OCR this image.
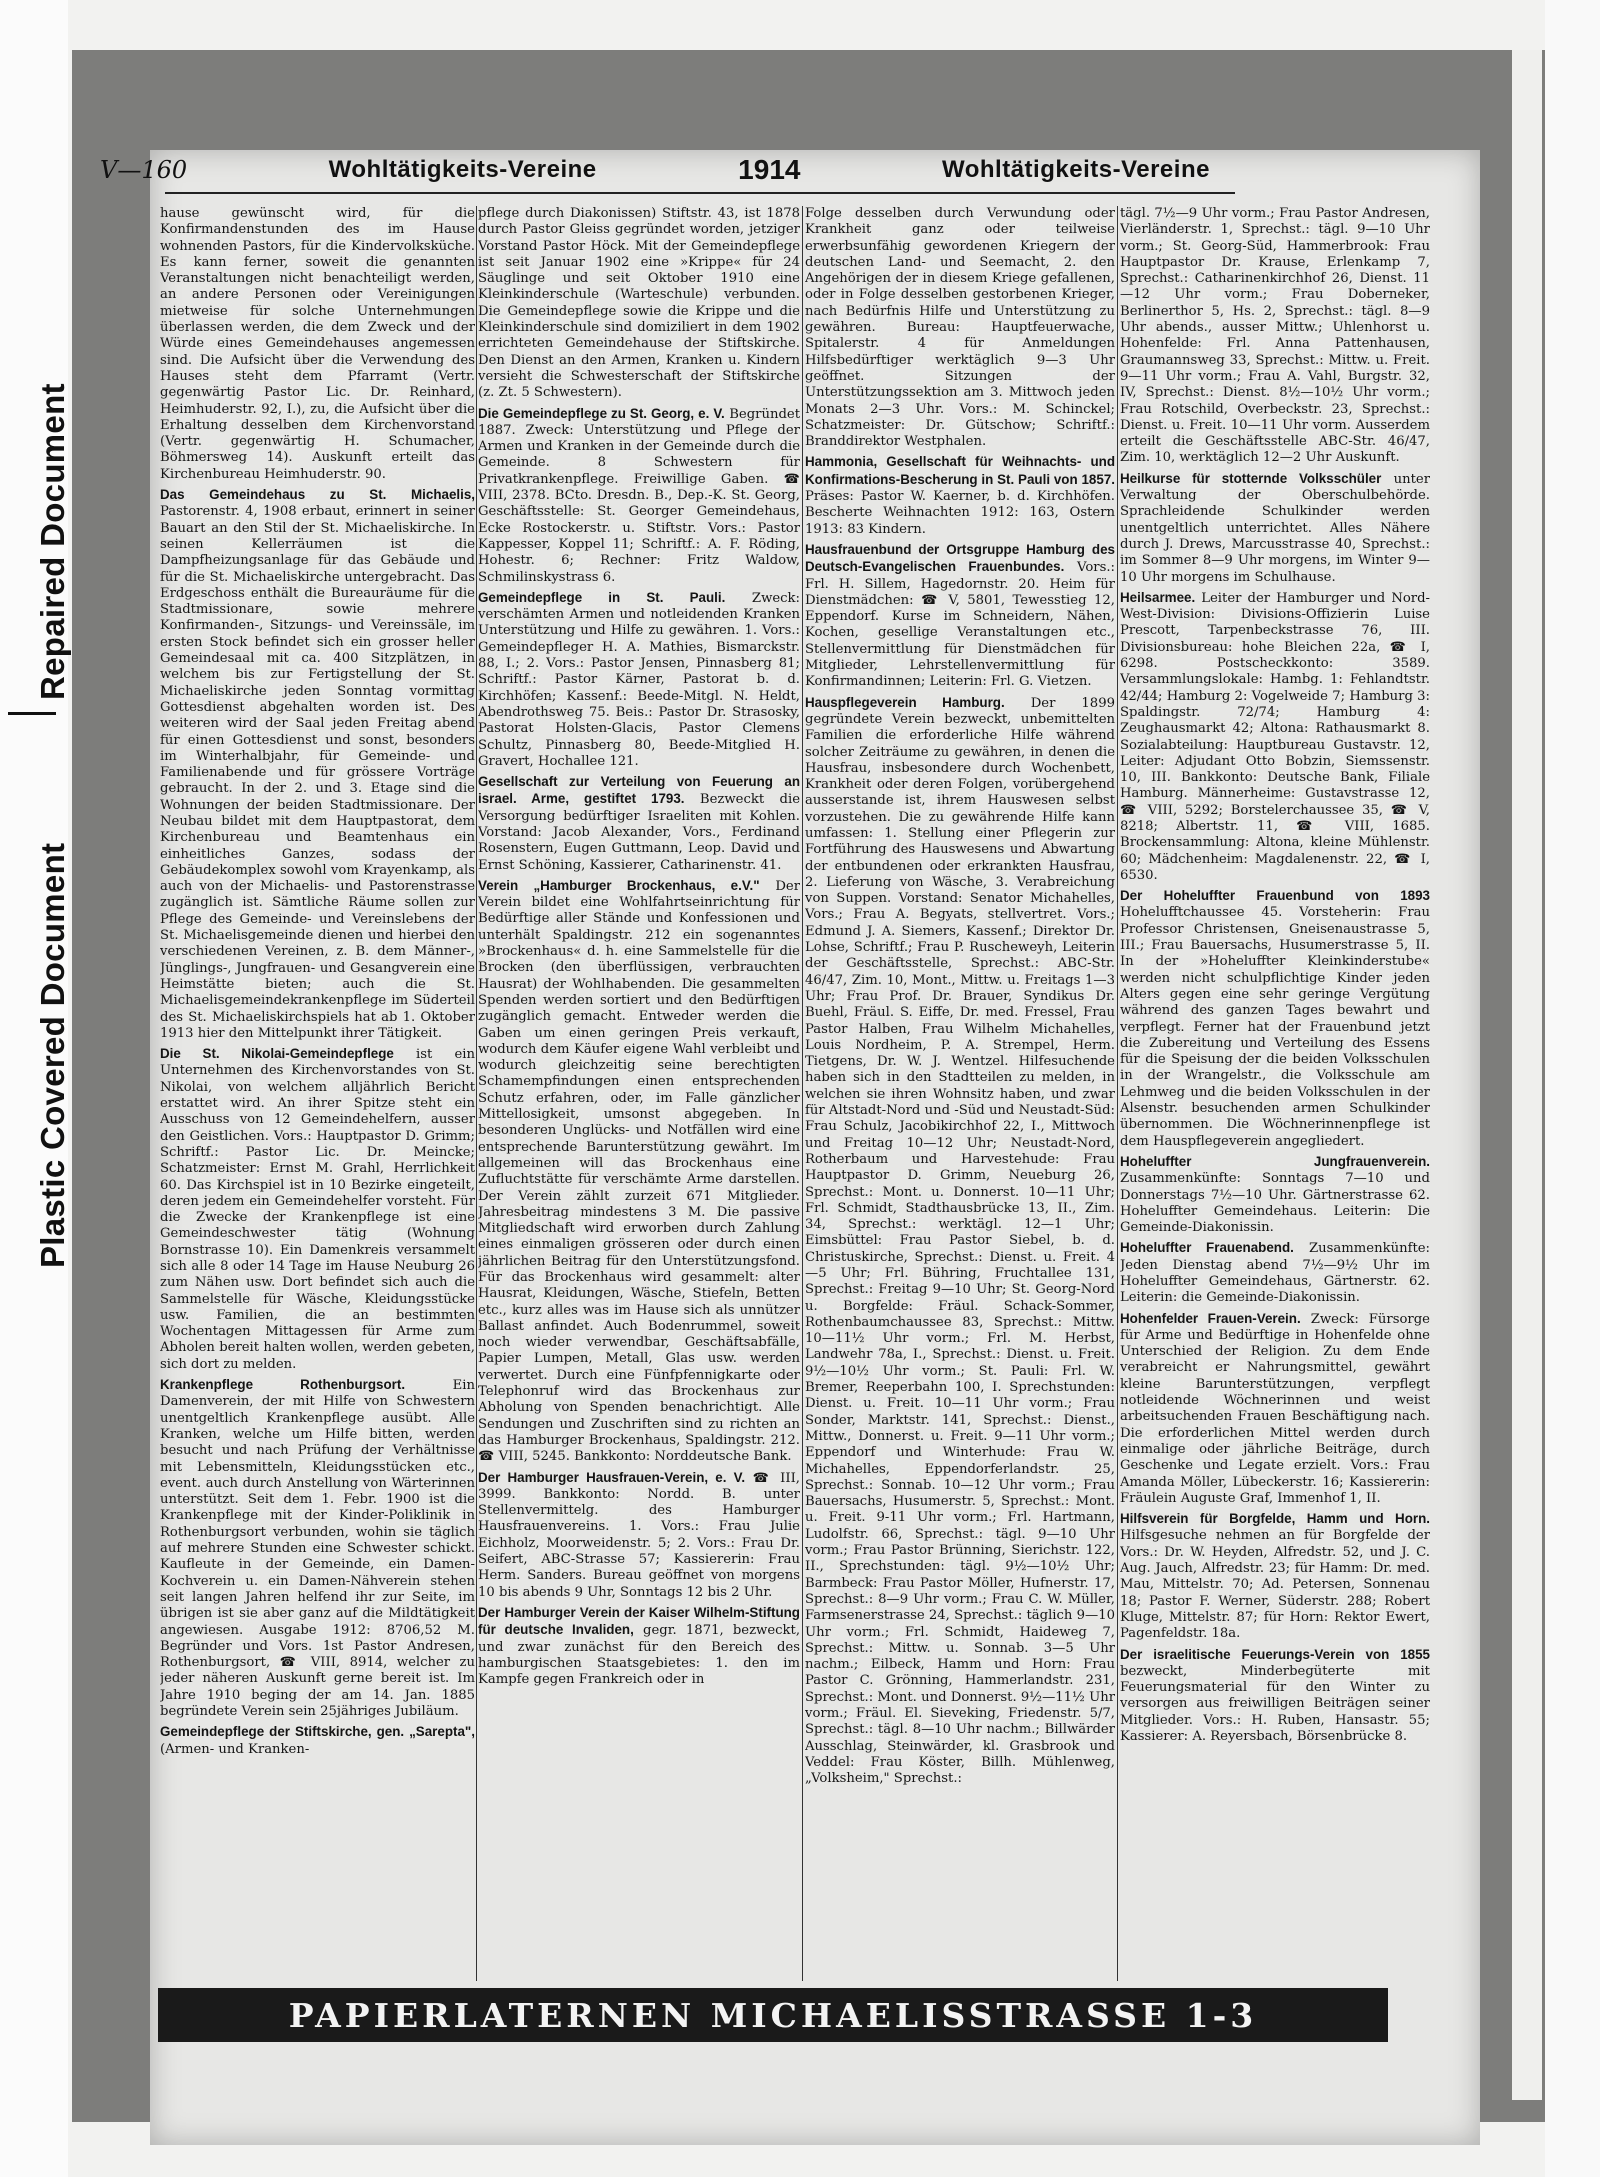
Repaired Document
Plastic Covered Document
V—160	Wohltätigkeits-Vereine	1914	Wohltätigkeits-Vereine

hause gewünscht wird, für die Konfirmandenstunden des im Hause wohnenden Pastors, für die Kindervolksküche. Es kann ferner, soweit die genannten Veranstaltungen nicht benachteiligt werden, an andere Personen oder Vereinigungen mietweise für solche Unternehmungen überlassen werden, die dem Zweck und der Würde eines Gemeindehauses angemessen sind. Die Aufsicht über die Verwendung des Hauses steht dem Pfarramt (Vertr. gegenwärtig Pastor Lic. Dr. Reinhard, Heimhuderstr. 92, I.), zu, die Aufsicht über die Erhaltung desselben dem Kirchenvorstand (Vertr. gegenwärtig H. Schumacher, Böhmersweg 14). Auskunft erteilt das Kirchenbureau Heimhuderstr. 90.

Das Gemeindehaus zu St. Michaelis, Pastorenstr. 4, 1908 erbaut, erinnert in seiner Bauart an den Stil der St. Michaeliskirche. In seinen Kellerräumen ist die Dampfheizungsanlage für das Gebäude und für die St. Michaeliskirche untergebracht. Das Erdgeschoss enthält die Bureauräume für die Stadtmissionare, sowie mehrere Konfirmanden-, Sitzungs- und Vereinssäle, im ersten Stock befindet sich ein grosser heller Gemeindesaal mit ca. 400 Sitzplätzen, in welchem bis zur Fertigstellung der St. Michaeliskirche jeden Sonntag vormittag Gottesdienst abgehalten worden ist. Des weiteren wird der Saal jeden Freitag abend für einen Gottesdienst und sonst, besonders im Winterhalbjahr, für Gemeinde- und Familienabende und für grössere Vorträge gebraucht. In der 2. und 3. Etage sind die Wohnungen der beiden Stadtmissionare. Der Neubau bildet mit dem Hauptpastorat, dem Kirchenbureau und Beamtenhaus ein einheitliches Ganzes, sodass der Gebäudekomplex sowohl vom Krayenkamp, als auch von der Michaelis- und Pastorenstrasse zugänglich ist. Sämtliche Räume sollen zur Pflege des Gemeinde- und Vereinslebens der St. Michaelisgemeinde dienen und hierbei den verschiedenen Vereinen, z. B. dem Männer-, Jünglings-, Jungfrauen- und Gesangverein eine Heimstätte bieten; auch die St. Michaelisgemeindekrankenpflege im Süderteil des St. Michaeliskirchspiels hat ab 1. Oktober 1913 hier den Mittelpunkt ihrer Tätigkeit.

Die St. Nikolai-Gemeindepflege ist ein Unternehmen des Kirchenvorstandes von St. Nikolai, von welchem alljährlich Bericht erstattet wird. An ihrer Spitze steht ein Ausschuss von 12 Gemeindehelfern, ausser den Geistlichen. Vors.: Hauptpastor D. Grimm; Schriftf.: Pastor Lic. Dr. Meincke; Schatzmeister: Ernst M. Grahl, Herrlichkeit 60. Das Kirchspiel ist in 10 Bezirke eingeteilt, deren jedem ein Gemeindehelfer vorsteht. Für die Zwecke der Krankenpflege ist eine Gemeindeschwester tätig (Wohnung Bornstrasse 10). Ein Damenkreis versammelt sich alle 8 oder 14 Tage im Hause Neuburg 26 zum Nähen usw. Dort befindet sich auch die Sammelstelle für Wäsche, Kleidungsstücke usw. Familien, die an bestimmten Wochentagen Mittagessen für Arme zum Abholen bereit halten wollen, werden gebeten, sich dort zu melden.

Krankenpflege Rothenburgsort. Ein Damenverein, der mit Hilfe von Schwestern unentgeltlich Krankenpflege ausübt. Alle Kranken, welche um Hilfe bitten, werden besucht und nach Prüfung der Verhältnisse mit Lebensmitteln, Kleidungsstücken etc., event. auch durch Anstellung von Wärterinnen unterstützt. Seit dem 1. Febr. 1900 ist die Krankenpflege mit der Kinder-Poliklinik in Rothenburgsort verbunden, wohin sie täglich auf mehrere Stunden eine Schwester schickt. Kaufleute in der Gemeinde, ein Damen-Kochverein u. ein Damen-Nähverein stehen seit langen Jahren helfend ihr zur Seite, im übrigen ist sie aber ganz auf die Mildtätigkeit angewiesen. Ausgabe 1912: 8706,52 M. Begründer und Vors. 1st Pastor Andresen, Rothenburgsort, ☎ VIII, 8914, welcher zu jeder näheren Auskunft gerne bereit ist. Im Jahre 1910 beging der am 14. Jan. 1885 begründete Verein sein 25jähriges Jubiläum.

Gemeindepflege der Stiftskirche, gen. „Sarepta", (Armen- und Kranken-

pflege durch Diakonissen) Stiftstr. 43, ist 1878 durch Pastor Gleiss gegründet worden, jetziger Vorstand Pastor Höck. Mit der Gemeindepflege ist seit Januar 1902 eine »Krippe« für 24 Säuglinge und seit Oktober 1910 eine Kleinkinderschule (Warteschule) verbunden. Die Gemeindepflege sowie die Krippe und die Kleinkinderschule sind domiziliert in dem 1902 errichteten Gemeindehause der Stiftskirche. Den Dienst an den Armen, Kranken u. Kindern versieht die Schwesterschaft der Stiftskirche (z. Zt. 5 Schwestern).

Die Gemeindepflege zu St. Georg, e. V. Begründet 1887. Zweck: Unterstützung und Pflege der Armen und Kranken in der Gemeinde durch die Gemeinde. 8 Schwestern für Privatkrankenpflege. Freiwillige Gaben. ☎ VIII, 2378. BCto. Dresdn. B., Dep.-K. St. Georg, Geschäftsstelle: St. Georger Gemeindehaus, Ecke Rostockerstr. u. Stiftstr. Vors.: Pastor Kappesser, Koppel 11; Schriftf.: A. F. Röding, Hohestr. 6; Rechner: Fritz Waldow, Schmilinskystrass 6.

Gemeindepflege in St. Pauli. Zweck: verschämten Armen und notleidenden Kranken Unterstützung und Hilfe zu gewähren. 1. Vors.: Gemeindepfleger H. A. Mathies, Bismarckstr. 88, I.; 2. Vors.: Pastor Jensen, Pinnasberg 81; Schriftf.: Pastor Kärner, Pastorat b. d. Kirchhöfen; Kassenf.: Beede-Mitgl. N. Heldt, Abendrothsweg 75. Beis.: Pastor Dr. Strasosky, Pastorat Holsten-Glacis, Pastor Clemens Schultz, Pinnasberg 80, Beede-Mitglied H. Gravert, Hochallee 121.

Gesellschaft zur Verteilung von Feuerung an israel. Arme, gestiftet 1793. Bezweckt die Versorgung bedürftiger Israeliten mit Kohlen. Vorstand: Jacob Alexander, Vors., Ferdinand Rosenstern, Eugen Guttmann, Leop. David und Ernst Schöning, Kassierer, Catharinenstr. 41.

Verein „Hamburger Brockenhaus, e.V." Der Verein bildet eine Wohlfahrtseinrichtung für Bedürftige aller Stände und Konfessionen und unterhält Spaldingstr. 212 ein sogenanntes »Brockenhaus« d. h. eine Sammelstelle für die Brocken (den überflüssigen, verbrauchten Hausrat) der Wohlhabenden. Die gesammelten Spenden werden sortiert und den Bedürftigen zugänglich gemacht. Entweder werden die Gaben um einen geringen Preis verkauft, wodurch dem Käufer eigene Wahl verbleibt und wodurch gleichzeitig seine berechtigten Schamempfindungen einen entsprechenden Schutz erfahren, oder, im Falle gänzlicher Mittellosigkeit, umsonst abgegeben. In besonderen Unglücks- und Notfällen wird eine entsprechende Barunterstützung gewährt. Im allgemeinen will das Brockenhaus eine Zufluchtstätte für verschämte Arme darstellen. Der Verein zählt zurzeit 671 Mitglieder. Jahresbeitrag mindestens 3 M. Die passive Mitgliedschaft wird erworben durch Zahlung eines einmaligen grösseren oder durch einen jährlichen Beitrag für den Unterstützungsfond. Für das Brockenhaus wird gesammelt: alter Hausrat, Kleidungen, Wäsche, Stiefeln, Betten etc., kurz alles was im Hause sich als unnützer Ballast anfindet. Auch Bodenrummel, soweit noch wieder verwendbar, Geschäftsabfälle, Papier Lumpen, Metall, Glas usw. werden verwertet. Durch eine Fünfpfennigkarte oder Telephonruf wird das Brockenhaus zur Abholung von Spenden benachrichtigt. Alle Sendungen und Zuschriften sind zu richten an das Hamburger Brockenhaus, Spaldingstr. 212. ☎ VIII, 5245. Bankkonto: Norddeutsche Bank.

Der Hamburger Hausfrauen-Verein, e. V. ☎ III, 3999. Bankkonto: Nordd. B. unter Stellenvermittelg. des Hamburger Hausfrauenvereins. 1. Vors.: Frau Julie Eichholz, Moorweidenstr. 5; 2. Vors.: Frau Dr. Seifert, ABC-Strasse 57; Kassiererin: Frau Herm. Sanders. Bureau geöffnet von morgens 10 bis abends 9 Uhr, Sonntags 12 bis 2 Uhr.

Der Hamburger Verein der Kaiser Wilhelm-Stiftung für deutsche Invaliden, gegr. 1871, bezweckt, und zwar zunächst für den Bereich des hamburgischen Staatsgebietes: 1. den im Kampfe gegen Frankreich oder in

Folge desselben durch Verwundung oder Krankheit ganz oder teilweise erwerbsunfähig gewordenen Kriegern der deutschen Land- und Seemacht, 2. den Angehörigen der in diesem Kriege gefallenen, oder in Folge desselben gestorbenen Krieger, nach Bedürfnis Hilfe und Unterstützung zu gewähren. Bureau: Hauptfeuerwache, Spitalerstr. 4 für Anmeldungen Hilfsbedürftiger werktäglich 9—3 Uhr geöffnet. Sitzungen der Unterstützungssektion am 3. Mittwoch jeden Monats 2—3 Uhr. Vors.: M. Schinckel; Schatzmeister: Dr. Gütschow; Schriftf.: Branddirektor Westphalen.

Hammonia, Gesellschaft für Weihnachts- und Konfirmations-Bescherung in St. Pauli von 1857. Präses: Pastor W. Kaerner, b. d. Kirchhöfen. Bescherte Weihnachten 1912: 163, Ostern 1913: 83 Kindern.

Hausfrauenbund der Ortsgruppe Hamburg des Deutsch-Evangelischen Frauenbundes. Vors.: Frl. H. Sillem, Hagedornstr. 20. Heim für Dienstmädchen: ☎ V, 5801, Tewesstieg 12, Eppendorf. Kurse im Schneidern, Nähen, Kochen, gesellige Veranstaltungen etc., Stellenvermittlung für Dienstmädchen für Mitglieder, Lehrstellenvermittlung für Konfirmandinnen; Leiterin: Frl. G. Vietzen.

Hauspflegeverein Hamburg. Der 1899 gegründete Verein bezweckt, unbemittelten Familien die erforderliche Hilfe während solcher Zeiträume zu gewähren, in denen die Hausfrau, insbesondere durch Wochenbett, Krankheit oder deren Folgen, vorübergehend ausserstande ist, ihrem Hauswesen selbst vorzustehen. Die zu gewährende Hilfe kann umfassen: 1. Stellung einer Pflegerin zur Fortführung des Hauswesens und Abwartung der entbundenen oder erkrankten Hausfrau, 2. Lieferung von Wäsche, 3. Verabreichung von Suppen. Vorstand: Senator Michahelles, Vors.; Frau A. Begyats, stellvertret. Vors.; Edmund J. A. Siemers, Kassenf.; Direktor Dr. Lohse, Schriftf.; Frau P. Ruscheweyh, Leiterin der Geschäftsstelle, Sprechst.: ABC-Str. 46/47, Zim. 10, Mont., Mittw. u. Freitags 1—3 Uhr; Frau Prof. Dr. Brauer, Syndikus Dr. Buehl, Fräul. S. Eiffe, Dr. med. Fressel, Frau Pastor Halben, Frau Wilhelm Michahelles, Louis Nordheim, P. A. Strempel, Herm. Tietgens, Dr. W. J. Wentzel. Hilfesuchende haben sich in den Stadtteilen zu melden, in welchen sie ihren Wohnsitz haben, und zwar für Altstadt-Nord und -Süd und Neustadt-Süd: Frau Schulz, Jacobikirchhof 22, I., Mittwoch und Freitag 10—12 Uhr; Neustadt-Nord, Rotherbaum und Harvestehude: Frau Hauptpastor D. Grimm, Neueburg 26, Sprechst.: Mont. u. Donnerst. 10—11 Uhr; Frl. Schmidt, Stadthausbrücke 13, II., Zim. 34, Sprechst.: werktägl. 12—1 Uhr; Eimsbüttel: Frau Pastor Siebel, b. d. Christuskirche, Sprechst.: Dienst. u. Freit. 4—5 Uhr; Frl. Bühring, Fruchtallee 131, Sprechst.: Freitag 9—10 Uhr; St. Georg-Nord u. Borgfelde: Fräul. Schack-Sommer, Rothenbaumchaussee 83, Sprechst.: Mittw. 10—11½ Uhr vorm.; Frl. M. Herbst, Landwehr 78a, I., Sprechst.: Dienst. u. Freit. 9½—10½ Uhr vorm.; St. Pauli: Frl. W. Bremer, Reeperbahn 100, I. Sprechstunden: Dienst. u. Freit. 10—11 Uhr vorm.; Frau Sonder, Marktstr. 141, Sprechst.: Dienst., Mittw., Donnerst. u. Freit. 9—11 Uhr vorm.; Eppendorf und Winterhude: Frau W. Michahelles, Eppendorferlandstr. 25, Sprechst.: Sonnab. 10—12 Uhr vorm.; Frau Bauersachs, Husumerstr. 5, Sprechst.: Mont. u. Freit. 9-11 Uhr vorm.; Frl. Hartmann, Ludolfstr. 66, Sprechst.: tägl. 9—10 Uhr vorm.; Frau Pastor Brünning, Sierichstr. 122, II., Sprechstunden: tägl. 9½—10½ Uhr; Barmbeck: Frau Pastor Möller, Hufnerstr. 17, Sprechst.: 8—9 Uhr vorm.; Frau C. W. Müller, Farmsenerstrasse 24, Sprechst.: täglich 9—10 Uhr vorm.; Frl. Schmidt, Haideweg 7, Sprechst.: Mittw. u. Sonnab. 3—5 Uhr nachm.; Eilbeck, Hamm und Horn: Frau Pastor C. Grönning, Hammerlandstr. 231, Sprechst.: Mont. und Donnerst. 9½—11½ Uhr vorm.; Fräul. El. Sieveking, Friedenstr. 5/7, Sprechst.: tägl. 8—10 Uhr nachm.; Billwärder Ausschlag, Steinwärder, kl. Grasbrook und Veddel: Frau Köster, Billh. Mühlenweg, „Volksheim," Sprechst.:

tägl. 7½—9 Uhr vorm.; Frau Pastor Andresen, Vierländerstr. 1, Sprechst.: tägl. 9—10 Uhr vorm.; St. Georg-Süd, Hammerbrook: Frau Hauptpastor Dr. Krause, Erlenkamp 7, Sprechst.: Catharinenkirchhof 26, Dienst. 11—12 Uhr vorm.; Frau Doberneker, Berlinerthor 5, Hs. 2, Sprechst.: tägl. 8—9 Uhr abends., ausser Mittw.; Uhlenhorst u. Hohenfelde: Frl. Anna Pattenhausen, Graumannsweg 33, Sprechst.: Mittw. u. Freit. 9—11 Uhr vorm.; Frau A. Vahl, Burgstr. 32, IV, Sprechst.: Dienst. 8½—10½ Uhr vorm.; Frau Rotschild, Overbeckstr. 23, Sprechst.: Dienst. u. Freit. 10—11 Uhr vorm. Ausserdem erteilt die Geschäftsstelle ABC-Str. 46/47, Zim. 10, werktäglich 12—2 Uhr Auskunft.

Heilkurse für stotternde Volksschüler unter Verwaltung der Oberschulbehörde. Sprachleidende Schulkinder werden unentgeltlich unterrichtet. Alles Nähere durch J. Drews, Marcusstrasse 40, Sprechst.: im Sommer 8—9 Uhr morgens, im Winter 9—10 Uhr morgens im Schulhause.

Heilsarmee. Leiter der Hamburger und Nord-West-Division: Divisions-Offizierin Luise Prescott, Tarpenbeckstrasse 76, III. Divisionsbureau: hohe Bleichen 22a, ☎ I, 6298. Postscheckkonto: 3589. Versammlungslokale: Hambg. 1: Fehlandtstr. 42/44; Hamburg 2: Vogelweide 7; Hamburg 3: Spaldingstr. 72/74; Hamburg 4: Zeughausmarkt 42; Altona: Rathausmarkt 8. Sozialabteilung: Hauptbureau Gustavstr. 12, Leiter: Adjudant Otto Bobzin, Siemssenstr. 10, III. Bankkonto: Deutsche Bank, Filiale Hamburg. Männerheime: Gustavstrasse 12, ☎ VIII, 5292; Borstelerchaussee 35, ☎ V, 8218; Albertstr. 11, ☎ VIII, 1685. Brockensammlung: Altona, kleine Mühlenstr. 60; Mädchenheim: Magdalenenstr. 22, ☎ I, 6530.

Der Hoheluffter Frauenbund von 1893 Hohelufftchaussee 45. Vorsteherin: Frau Professor Christensen, Gneisenaustrasse 5, III.; Frau Bauersachs, Husumerstrasse 5, II. In der »Hoheluffter Kleinkinderstube« werden nicht schulpflichtige Kinder jeden Alters gegen eine sehr geringe Vergütung während des ganzen Tages bewahrt und verpflegt. Ferner hat der Frauenbund jetzt die Zubereitung und Verteilung des Essens für die Speisung der die beiden Volksschulen in der Wrangelstr., die Volksschule am Lehmweg und die beiden Volksschulen in der Alsenstr. besuchenden armen Schulkinder übernommen. Die Wöchnerinnenpflege ist dem Hauspflegeverein angegliedert.

Hoheluffter Jungfrauenverein. Zusammenkünfte: Sonntags 7—10 und Donnerstags 7½—10 Uhr. Gärtnerstrasse 62. Hoheluffter Gemeindehaus. Leiterin: Die Gemeinde-Diakonissin.

Hoheluffter Frauenabend. Zusammenkünfte: Jeden Dienstag abend 7½—9½ Uhr im Hoheluffter Gemeindehaus, Gärtnerstr. 62. Leiterin: die Gemeinde-Diakonissin.

Hohenfelder Frauen-Verein. Zweck: Fürsorge für Arme und Bedürftige in Hohenfelde ohne Unterschied der Religion. Zu dem Ende verabreicht er Nahrungsmittel, gewährt kleine Barunterstützungen, verpflegt notleidende Wöchnerinnen und weist arbeitsuchenden Frauen Beschäftigung nach. Die erforderlichen Mittel werden durch einmalige oder jährliche Beiträge, durch Geschenke und Legate erzielt. Vors.: Frau Amanda Möller, Lübeckerstr. 16; Kassiererin: Fräulein Auguste Graf, Immenhof 1, II.

Hilfsverein für Borgfelde, Hamm und Horn. Hilfsgesuche nehmen an für Borgfelde der Vors.: Dr. W. Heyden, Alfredstr. 52, und J. C. Aug. Jauch, Alfredstr. 23; für Hamm: Dr. med. Mau, Mittelstr. 70; Ad. Petersen, Sonnenau 18; Pastor F. Werner, Süderstr. 288; Robert Kluge, Mittelstr. 87; für Horn: Rektor Ewert, Pagenfeldstr. 18a.

Der israelitische Feuerungs-Verein von 1855 bezweckt, Minderbegüterte mit Feuerungsmaterial für den Winter zu versorgen aus freiwilligen Beiträgen seiner Mitglieder. Vors.: H. Ruben, Hansastr. 55; Kassierer: A. Reyersbach, Börsenbrücke 8.

PAPIERLATERNEN MICHAELISSTRASSE 1-3
